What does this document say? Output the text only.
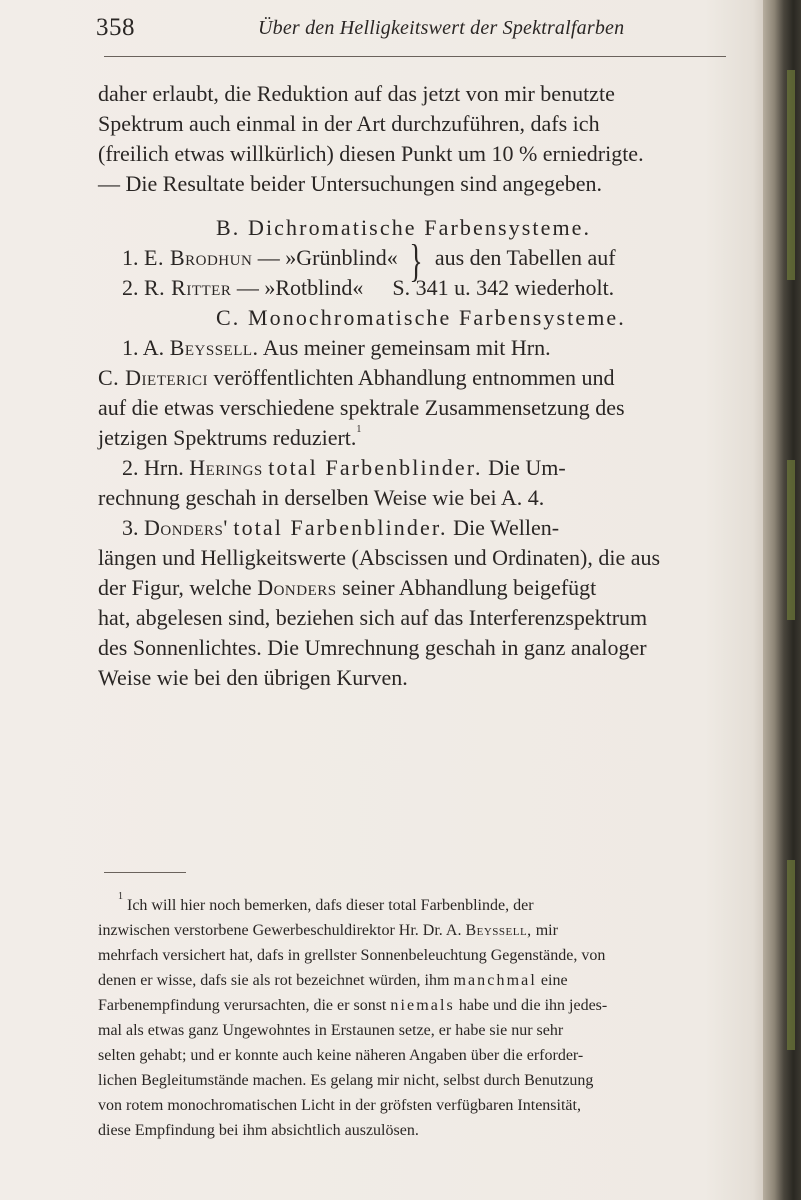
358	Über den Helligkeitswert der Spektralfarben
daher erlaubt, die Reduktion auf das jetzt von mir benutzte
Spektrum auch einmal in der Art durchzuführen, dafs ich
(freilich etwas willkürlich) diesen Punkt um 10 % erniedrigte.
— Die Resultate beider Untersuchungen sind angegeben.
B. Dichromatische Farbensysteme.
1. E. Brodhun — »Grünblind« } aus den Tabellen auf
2. R. Ritter — »Rotblind« S. 341 u. 342 wiederholt.
C. Monochromatische Farbensysteme.
1. A. Beyssell. Aus meiner gemeinsam mit Hrn.
C. Dieterici veröffentlichten Abhandlung entnommen und
auf die etwas verschiedene spektrale Zusammensetzung des
jetzigen Spektrums reduziert.$^1$
2. Hrn. Herings total Farbenblinder. Die Um-
rechnung geschah in derselben Weise wie bei A. 4.
3. Donders' total Farbenblinder. Die Wellen-
längen und Helligkeitswerte (Abscissen und Ordinaten), die aus
der Figur, welche Donders seiner Abhandlung beigefügt
hat, abgelesen sind, beziehen sich auf das Interferenzspektrum
des Sonnenlichtes. Die Umrechnung geschah in ganz analoger
Weise wie bei den übrigen Kurven.
$^1$ Ich will hier noch bemerken, dafs dieser total Farbenblinde, der
inzwischen verstorbene Gewerbeschuldirektor Hr. Dr. A. Beyssell, mir
mehrfach versichert hat, dafs in grellster Sonnenbeleuchtung Gegenstände, von
denen er wisse, dafs sie als rot bezeichnet würden, ihm manchmal eine
Farbenempfindung verursachten, die er sonst niemals habe und die ihn jedes-
mal als etwas ganz Ungewohntes in Erstaunen setze, er habe sie nur sehr
selten gehabt; und er konnte auch keine näheren Angaben über die erforder-
lichen Begleitumstände machen. Es gelang mir nicht, selbst durch Benutzung
von rotem monochromatischen Licht in der gröfsten verfügbaren Intensität,
diese Empfindung bei ihm absichtlich auszulösen.
